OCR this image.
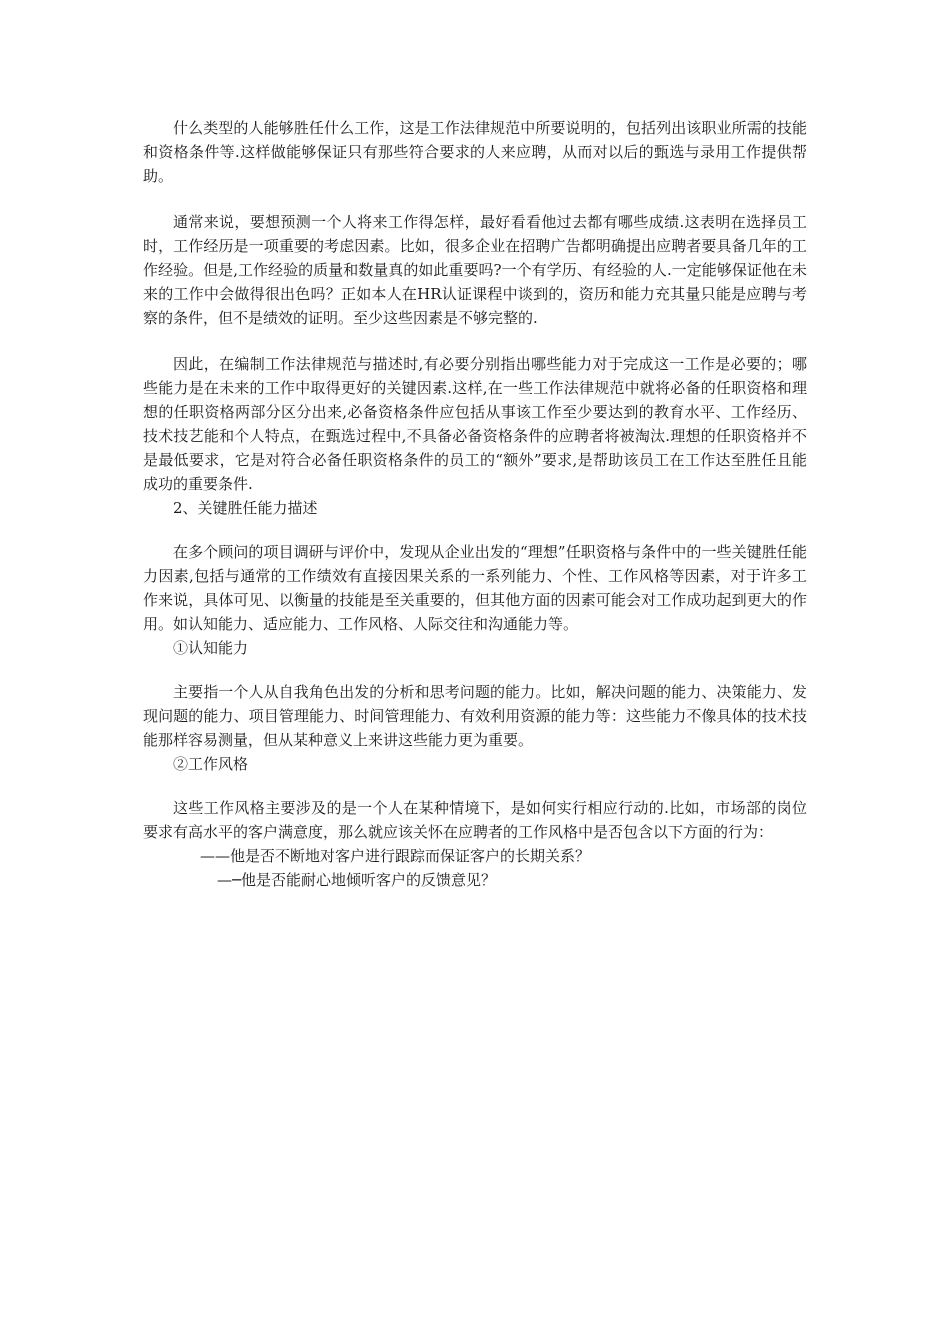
什么类型的人能够胜任什么工作，这是工作法律规范中所要说明的，包括列出该职业所需的技能和资格条件等.这样做能够保证只有那些符合要求的人来应聘，从而对以后的甄选与录用工作提供帮助。

通常来说，要想预测一个人将来工作得怎样，最好看看他过去都有哪些成绩.这表明在选择员工时，工作经历是一项重要的考虑因素。比如，很多企业在招聘广告都明确提出应聘者要具备几年的工作经验。但是,工作经验的质量和数量真的如此重要吗?一个有学历、有经验的人.一定能够保证他在未来的工作中会做得很出色吗？正如本人在HR认证课程中谈到的，资历和能力充其量只能是应聘与考察的条件，但不是绩效的证明。至少这些因素是不够完整的.

因此，在编制工作法律规范与描述时,有必要分别指出哪些能力对于完成这一工作是必要的；哪些能力是在未来的工作中取得更好的关键因素.这样,在一些工作法律规范中就将必备的任职资格和理想的任职资格两部分区分出来,必备资格条件应包括从事该工作至少要达到的教育水平、工作经历、技术技艺能和个人特点，在甄选过程中,不具备必备资格条件的应聘者将被淘汰.理想的任职资格并不是最低要求，它是对符合必备任职资格条件的员工的“额外”要求,是帮助该员工在工作达至胜任且能成功的重要条件.

2、关键胜任能力描述

在多个顾问的项目调研与评价中，发现从企业出发的“理想”任职资格与条件中的一些关键胜任能力因素,包括与通常的工作绩效有直接因果关系的一系列能力、个性、工作风格等因素，对于许多工作来说，具体可见、以衡量的技能是至关重要的，但其他方面的因素可能会对工作成功起到更大的作用。如认知能力、适应能力、工作风格、人际交往和沟通能力等。

①认知能力

主要指一个人从自我角色出发的分析和思考问题的能力。比如，解决问题的能力、决策能力、发现问题的能力、项目管理能力、时间管理能力、有效利用资源的能力等：这些能力不像具体的技术技能那样容易测量，但从某种意义上来讲这些能力更为重要。

②工作风格

这些工作风格主要涉及的是一个人在某种情境下，是如何实行相应行动的.比如，市场部的岗位要求有高水平的客户满意度，那么就应该关怀在应聘者的工作风格中是否包含以下方面的行为：

——他是否不断地对客户进行跟踪而保证客户的长期关系？

—─他是否能耐心地倾听客户的反馈意见？
